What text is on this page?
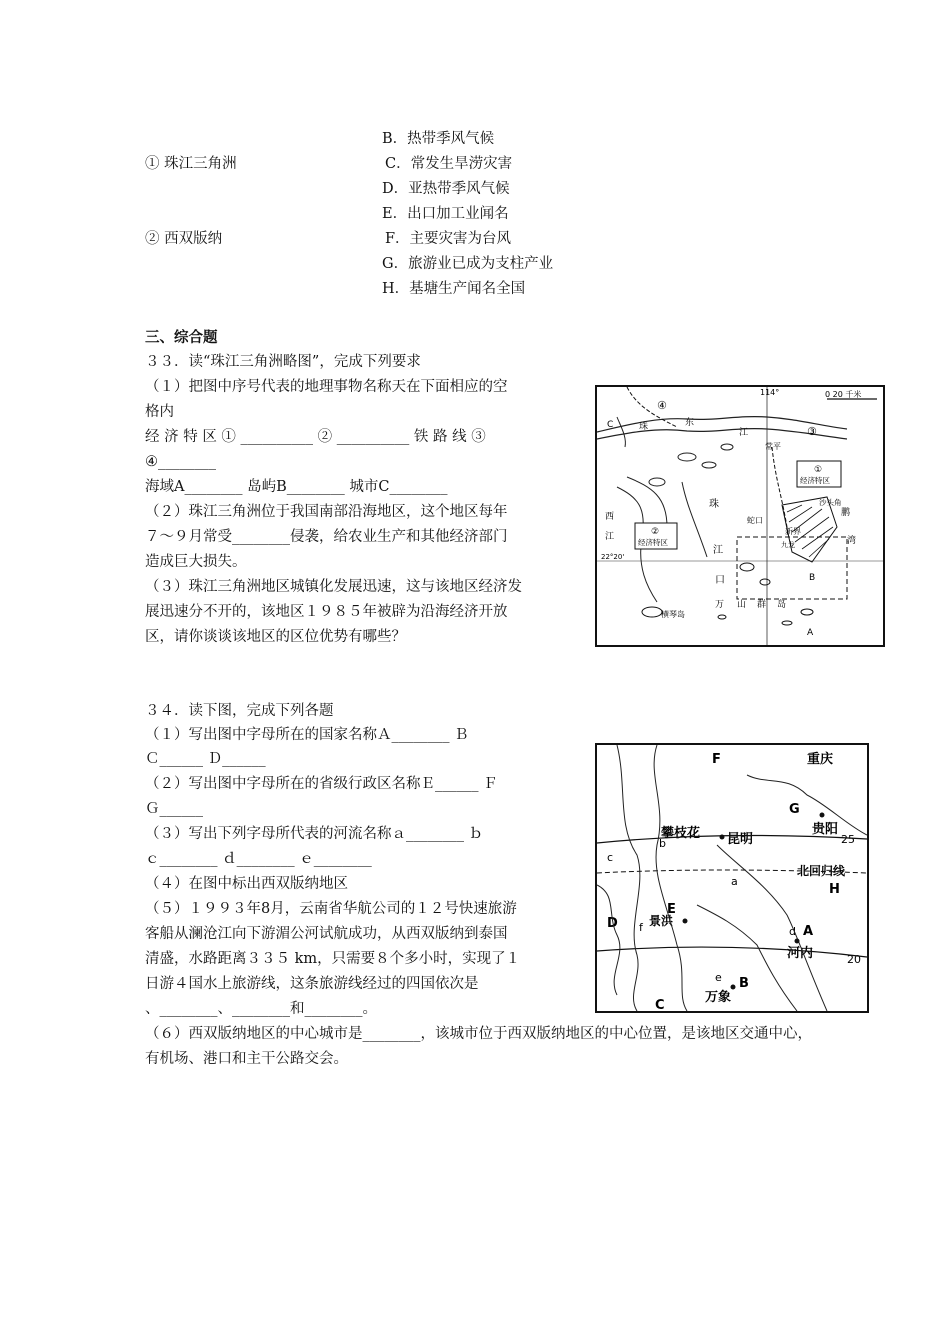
B．热带季风气候
① 珠江三角洲	C．常发生旱涝灾害
D．亚热带季风气候
E．出口加工业闻名
② 西双版纳	F．主要灾害为台风
G．旅游业已成为支柱产业
H．基塘生产闻名全国
三、综合题
３３．读“珠江三角洲略图”，完成下列要求
（１）把图中序号代表的地理事物名称天在下面相应的空
格内
经 济 特 区 ① __________ ② __________ 铁 路 线 ③
④________
海域A________ 岛屿B________ 城市C________
（２）珠江三角洲位于我国南部沿海地区，这个地区每年
７～９月常受________侵袭，给农业生产和其他经济部门
造成巨大损失。
（３）珠江三角洲地区城镇化发展迅速，这与该地区经济发
展迅速分不开的，该地区１９８５年被辟为沿海经济开放
区，请你谈谈该地区的区位优势有哪些？
114°	0 20 千米
C	珠	东
江
④
③
常平
西
江
22°20'
②
经济特区
①
经济特区
珠
江
口
蛇口
新界
九龙
沙头角
鹏
湾
B
横琴岛
万 山 群 岛
A
３４．读下图，完成下列各题
（１）写出图中字母所在的国家名称Ａ________ Ｂ
Ｃ______ Ｄ______
（２）写出图中字母所在的省级行政区名称Ｅ______ Ｆ
Ｇ______
（３）写出下列字母所代表的河流名称ａ________ ｂ
ｃ________ ｄ________ ｅ________
（４）在图中标出西双版纳地区
（５）１９９３年8月，云南省华航公司的１２号快速旅游
客船从澜沧江向下游湄公河试航成功，从西双版纳到泰国
清盛，水路距离３３５ km，只需要８个多小时，实现了１
日游４国水上旅游线，这条旅游线经过的四国依次是
、________、________和________。
（６）西双版纳地区的中心城市是________，该城市位于西双版纳地区的中心位置，是该地区交通中心，
有机场、港口和主干公路交会。
F	重庆
G
贵阳
攀枝花 昆明
北回归线
H
D
E
景洪
A
河内
B
万象
C
25
20
b
c
a
f	d
e
